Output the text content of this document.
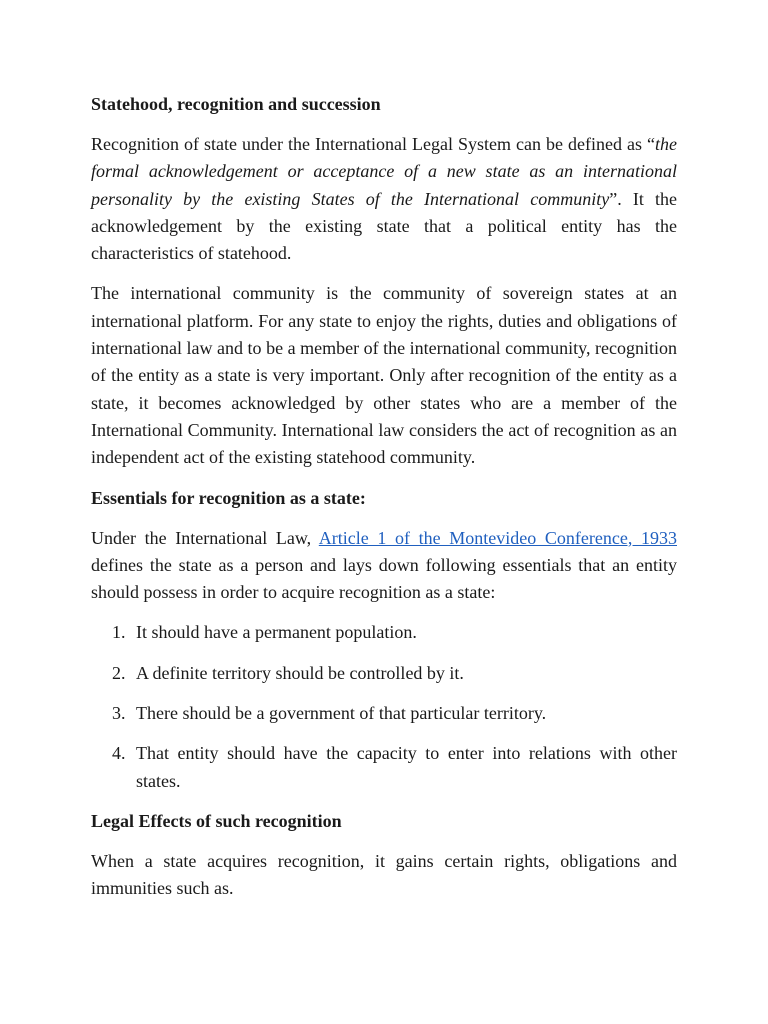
Statehood, recognition and succession

Recognition of state under the International Legal System can be defined as “the formal acknowledgement or acceptance of a new state as an international personality by the existing States of the International community”. It the acknowledgement by the existing state that a political entity has the characteristics of statehood.

The international community is the community of sovereign states at an international platform. For any state to enjoy the rights, duties and obligations of international law and to be a member of the international community, recognition of the entity as a state is very important. Only after recognition of the entity as a state, it becomes acknowledged by other states who are a member of the International Community. International law considers the act of recognition as an independent act of the existing statehood community.

Essentials for recognition as a state:

Under the International Law, Article 1 of the Montevideo Conference, 1933 defines the state as a person and lays down following essentials that an entity should possess in order to acquire recognition as a state:

1. It should have a permanent population.
2. A definite territory should be controlled by it.
3. There should be a government of that particular territory.
4. That entity should have the capacity to enter into relations with other states.
Legal Effects of such recognition

When a state acquires recognition, it gains certain rights, obligations and immunities such as.
